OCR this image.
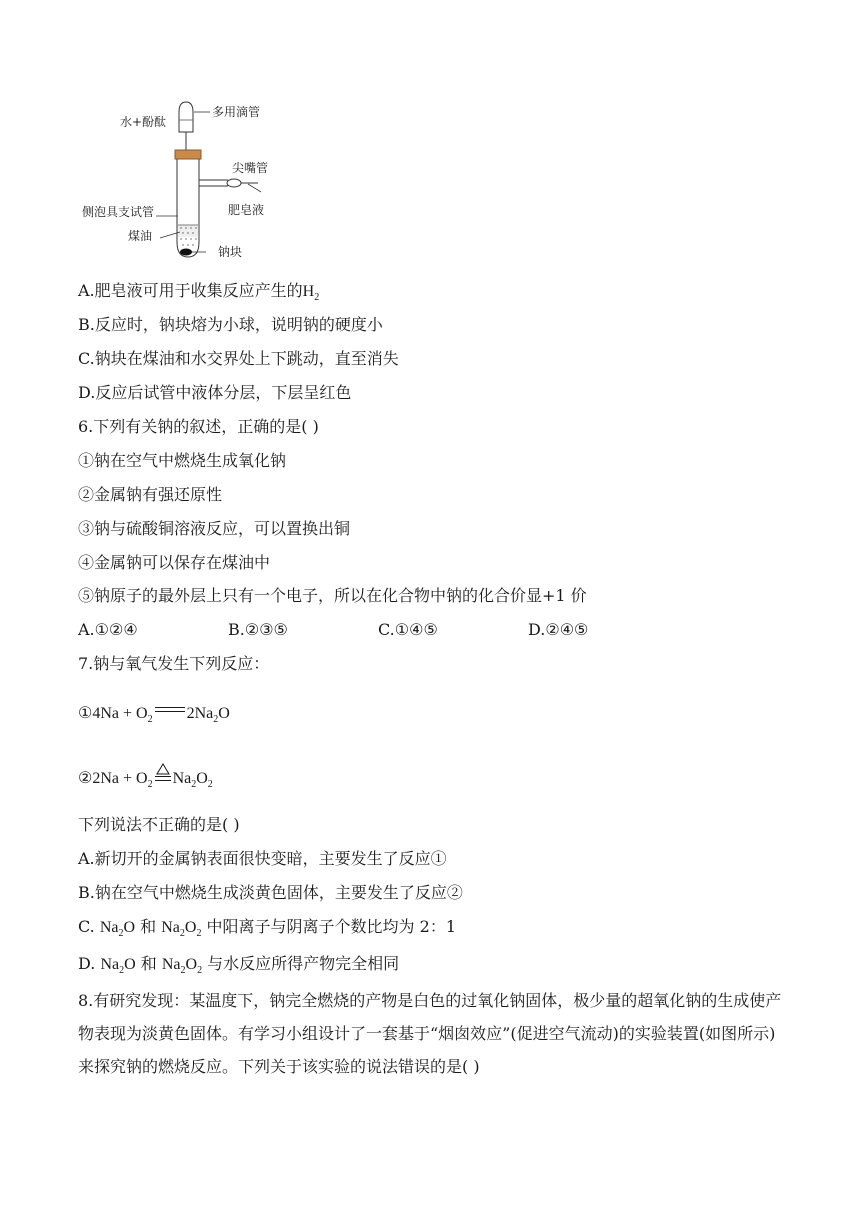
水+酚酞
多用滴管
尖嘴管
肥皂液
侧泡具支试管
煤油
钠块
A.肥皂液可用于收集反应产生的$H_2$
B.反应时，钠块熔为小球，说明钠的硬度小
C.钠块在煤油和水交界处上下跳动，直至消失
D.反应后试管中液体分层，下层呈红色
6.下列有关钠的叙述，正确的是( )
①钠在空气中燃烧生成氧化钠
②金属钠有强还原性
③钠与硫酸铜溶液反应，可以置换出铜
④金属钠可以保存在煤油中
⑤钠原子的最外层上只有一个电子，所以在化合物中钠的化合价显+1 价
A.①②④	B.②③⑤	C.①④⑤	D.②④⑤
7.钠与氧气发生下列反应：
①4Na + $O_2$ $2Na_2O$
②2Na + $O_2$ $Na_2O_2$
下列说法不正确的是( )
A.新切开的金属钠表面很快变暗，主要发生了反应①
B.钠在空气中燃烧生成淡黄色固体，主要发生了反应②
C. $Na_2O$ 和 $Na_2O_2$ 中阳离子与阴离子个数比均为 2：1
D. $Na_2O$ 和 $Na_2O_2$ 与水反应所得产物完全相同
8.有研究发现：某温度下，钠完全燃烧的产物是白色的过氧化钠固体，极少量的超氧化钠的生成使产物表现为淡黄色固体。有学习小组设计了一套基于“烟囱效应”(促进空气流动)的实验装置(如图所示)来探究钠的燃烧反应。下列关于该实验的说法错误的是( )
